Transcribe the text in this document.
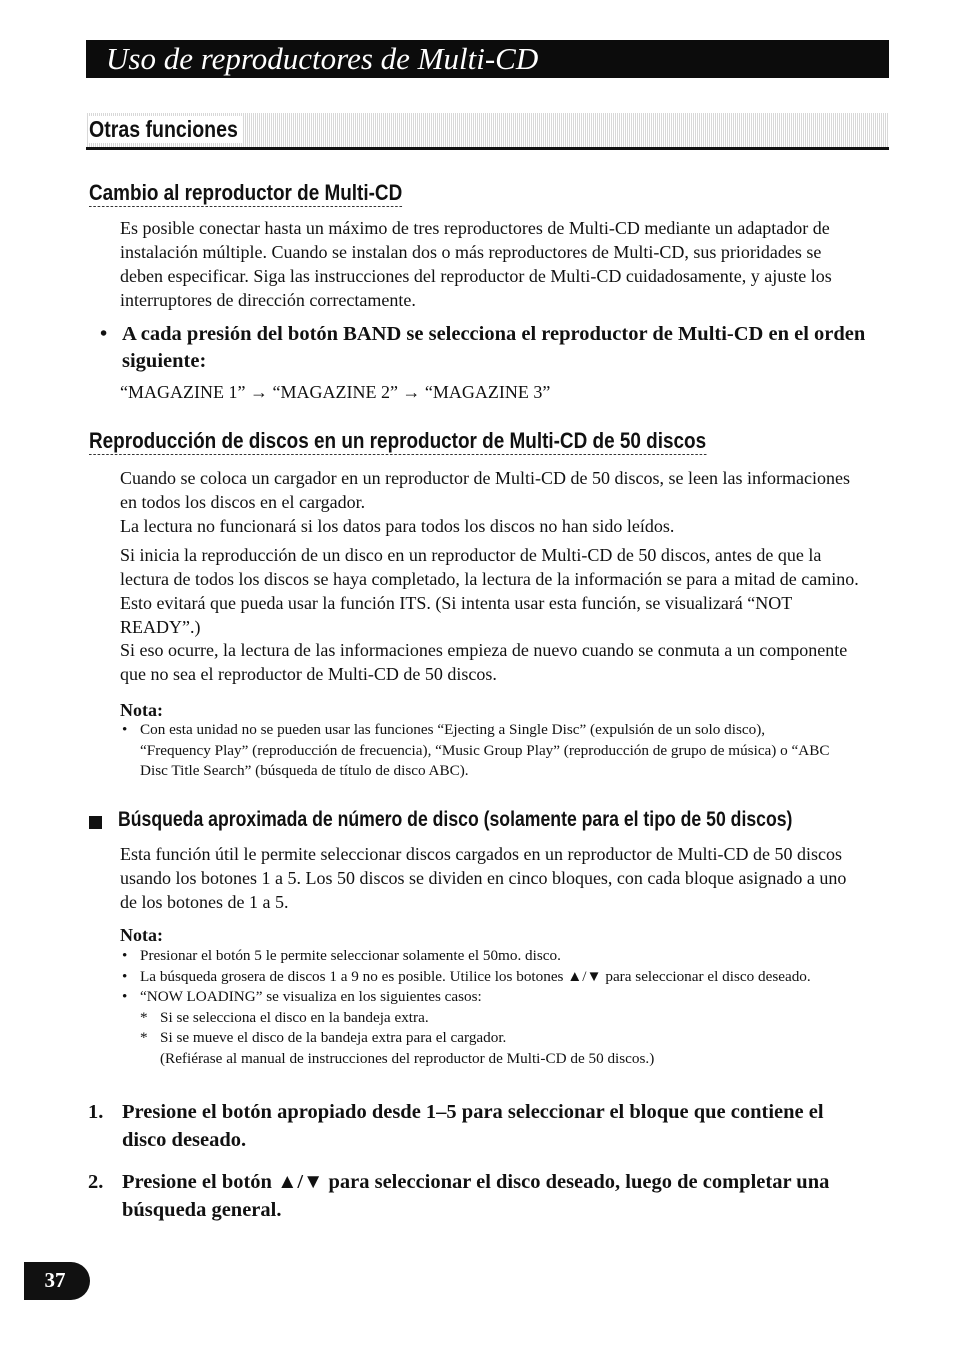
Uso de reproductores de Multi-CD
Otras funciones
Cambio al reproductor de Multi-CD
Es posible conectar hasta un máximo de tres reproductores de Multi-CD mediante un adaptador de instalación múltiple. Cuando se instalan dos o más reproductores de Multi-CD, sus prioridades se deben especificar. Siga las instrucciones del reproductor de Multi-CD cuidadosamente, y ajuste los interruptores de dirección correctamente.
• A cada presión del botón BAND se selecciona el reproductor de Multi-CD en el orden siguiente:
“MAGAZINE 1” → “MAGAZINE 2” → “MAGAZINE 3”
Reproducción de discos en un reproductor de Multi-CD de 50 discos
Cuando se coloca un cargador en un reproductor de Multi-CD de 50 discos, se leen las informaciones en todos los discos en el cargador.
La lectura no funcionará si los datos para todos los discos no han sido leídos.
Si inicia la reproducción de un disco en un reproductor de Multi-CD de 50 discos, antes de que la lectura de todos los discos se haya completado, la lectura de la información se para a mitad de camino. Esto evitará que pueda usar la función ITS. (Si intenta usar esta función, se visualizará “NOT READY”.)
Si eso ocurre, la lectura de las informaciones empieza de nuevo cuando se conmuta a un componente que no sea el reproductor de Multi-CD de 50 discos.
Nota:
• Con esta unidad no se pueden usar las funciones “Ejecting a Single Disc” (expulsión de un solo disco), “Frequency Play” (reproducción de frecuencia), “Music Group Play” (reproducción de grupo de música) o “ABC Disc Title Search” (búsqueda de título de disco ABC).
Búsqueda aproximada de número de disco (solamente para el tipo de 50 discos)
Esta función útil le permite seleccionar discos cargados en un reproductor de Multi-CD de 50 discos usando los botones 1 a 5. Los 50 discos se dividen en cinco bloques, con cada bloque asignado a uno de los botones de 1 a 5.
Nota:
• Presionar el botón 5 le permite seleccionar solamente el 50mo. disco.
• La búsqueda grosera de discos 1 a 9 no es posible. Utilice los botones ▲/▼ para seleccionar el disco deseado.
• “NOW LOADING” se visualiza en los siguientes casos:
* Si se selecciona el disco en la bandeja extra.
* Si se mueve el disco de la bandeja extra para el cargador.
(Refiérase al manual de instrucciones del reproductor de Multi-CD de 50 discos.)
1. Presione el botón apropiado desde 1–5 para seleccionar el bloque que contiene el disco deseado.
2. Presione el botón ▲/▼ para seleccionar el disco deseado, luego de completar una búsqueda general.
37
